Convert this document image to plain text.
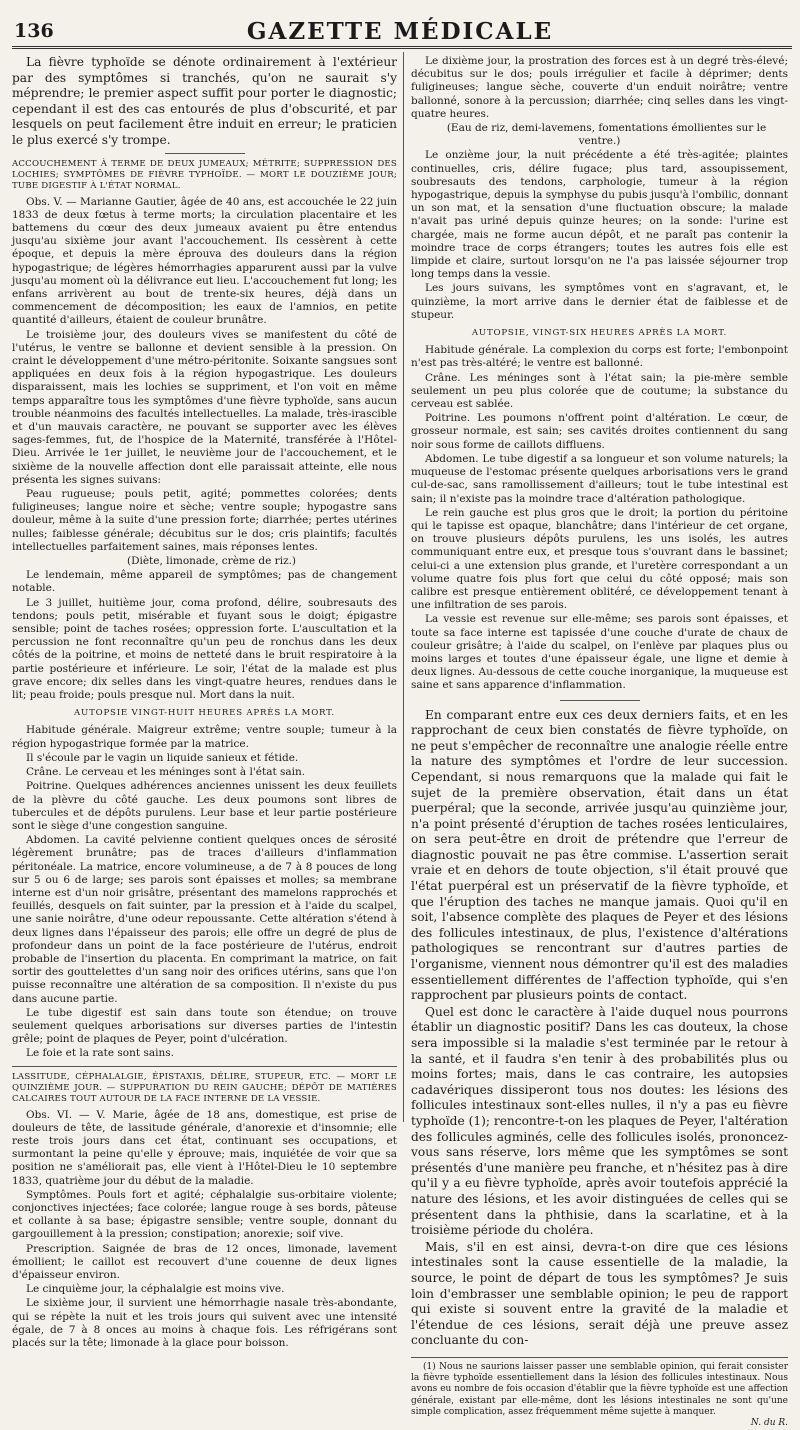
136	GAZETTE MÉDICALE

La fièvre typhoïde se dénote ordinairement à l'extérieur par des symptômes si tranchés, qu'on ne saurait s'y méprendre; le premier aspect suffit pour porter le diagnostic; cependant il est des cas entourés de plus d'obscurité, et par lesquels on peut facilement être induit en erreur; le praticien le plus exercé s'y trompe.

ACCOUCHEMENT À TERME DE DEUX JUMEAUX; MÉTRITE; SUPPRESSION DES LOCHIES; SYMPTÔMES DE FIÈVRE TYPHOÏDE. — MORT LE DOUZIÈME JOUR; TUBE DIGESTIF À L'ÉTAT NORMAL.

Obs. V. — Marianne Gautier, âgée de 40 ans, est accouchée le 22 juin 1833 de deux fœtus à terme morts; la circulation placentaire et les battemens du cœur des deux jumeaux avaient pu être entendus jusqu'au sixième jour avant l'accouchement. Ils cessèrent à cette époque, et depuis la mère éprouva des douleurs dans la région hypogastrique; de légères hémorrhagies apparurent aussi par la vulve jusqu'au moment où la délivrance eut lieu. L'accouchement fut long; les enfans arrivèrent au bout de trente-six heures, déjà dans un commencement de décomposition; les eaux de l'amnios, en petite quantité d'ailleurs, étaient de couleur brunâtre.

Le troisième jour, des douleurs vives se manifestent du côté de l'utérus, le ventre se ballonne et devient sensible à la pression. On craint le développement d'une métro-péritonite. Soixante sangsues sont appliquées en deux fois à la région hypogastrique. Les douleurs disparaissent, mais les lochies se suppriment, et l'on voit en même temps apparaître tous les symptômes d'une fièvre typhoïde, sans aucun trouble néanmoins des facultés intellectuelles. La malade, très-irascible et d'un mauvais caractère, ne pouvant se supporter avec les élèves sages-femmes, fut, de l'hospice de la Maternité, transférée à l'Hôtel-Dieu. Arrivée le 1er juillet, le neuvième jour de l'accouchement, et le sixième de la nouvelle affection dont elle paraissait atteinte, elle nous présenta les signes suivans:

Peau rugueuse; pouls petit, agité; pommettes colorées; dents fuligineuses; langue noire et sèche; ventre souple; hypogastre sans douleur, même à la suite d'une pression forte; diarrhée; pertes utérines nulles; faiblesse générale; décubitus sur le dos; cris plaintifs; facultés intellectuelles parfaitement saines, mais réponses lentes.

(Diète, limonade, crème de riz.)

Le lendemain, même appareil de symptômes; pas de changement notable.

Le 3 juillet, huitième jour, coma profond, délire, soubresauts des tendons; pouls petit, misérable et fuyant sous le doigt; épigastre sensible; point de taches rosées; oppression forte. L'auscultation et la percussion ne font reconnaître qu'un peu de ronchus dans les deux côtés de la poitrine, et moins de netteté dans le bruit respiratoire à la partie postérieure et inférieure. Le soir, l'état de la malade est plus grave encore; dix selles dans les vingt-quatre heures, rendues dans le lit; peau froide; pouls presque nul. Mort dans la nuit.

AUTOPSIE VINGT-HUIT HEURES APRÈS LA MORT.

Habitude générale. Maigreur extrême; ventre souple; tumeur à la région hypogastrique formée par la matrice.

Il s'écoule par le vagin un liquide sanieux et fétide.

Crâne. Le cerveau et les méninges sont à l'état sain.

Poitrine. Quelques adhérences anciennes unissent les deux feuillets de la plèvre du côté gauche. Les deux poumons sont libres de tubercules et de dépôts purulens. Leur base et leur partie postérieure sont le siège d'une congestion sanguine.

Abdomen. La cavité pelvienne contient quelques onces de sérosité légèrement brunâtre; pas de traces d'ailleurs d'inflammation péritonéale. La matrice, encore volumineuse, a de 7 à 8 pouces de long sur 5 ou 6 de large; ses parois sont épaisses et molles; sa membrane interne est d'un noir grisâtre, présentant des mamelons rapprochés et feuillés, desquels on fait suinter, par la pression et à l'aide du scalpel, une sanie noirâtre, d'une odeur repoussante. Cette altération s'étend à deux lignes dans l'épaisseur des parois; elle offre un degré de plus de profondeur dans un point de la face postérieure de l'utérus, endroit probable de l'insertion du placenta. En comprimant la matrice, on fait sortir des gouttelettes d'un sang noir des orifices utérins, sans que l'on puisse reconnaître une altération de sa composition. Il n'existe du pus dans aucune partie.

Le tube digestif est sain dans toute son étendue; on trouve seulement quelques arborisations sur diverses parties de l'intestin grêle; point de plaques de Peyer, point d'ulcération.

Le foie et la rate sont sains.

LASSITUDE, CÉPHALALGIE, ÉPISTAXIS, DÉLIRE, STUPEUR, ETC. — MORT LE QUINZIÈME JOUR. — SUPPURATION DU REIN GAUCHE; DÉPÔT DE MATIÈRES CALCAIRES TOUT AUTOUR DE LA FACE INTERNE DE LA VESSIE.

Obs. VI. — V. Marie, âgée de 18 ans, domestique, est prise de douleurs de tête, de lassitude générale, d'anorexie et d'insomnie; elle reste trois jours dans cet état, continuant ses occupations, et surmontant la peine qu'elle y éprouve; mais, inquiétée de voir que sa position ne s'améliorait pas, elle vient à l'Hôtel-Dieu le 10 septembre 1833, quatrième jour du début de la maladie.

Symptômes. Pouls fort et agité; céphalalgie sus-orbitaire violente; conjonctives injectées; face colorée; langue rouge à ses bords, pâteuse et collante à sa base; épigastre sensible; ventre souple, donnant du gargouillement à la pression; constipation; anorexie; soif vive.

Prescription. Saignée de bras de 12 onces, limonade, lavement émollient; le caillot est recouvert d'une couenne de deux lignes d'épaisseur environ.

Le cinquième jour, la céphalalgie est moins vive.

Le sixième jour, il survient une hémorrhagie nasale très-abondante, qui se répète la nuit et les trois jours qui suivent avec une intensité égale, de 7 à 8 onces au moins à chaque fois. Les réfrigérans sont placés sur la tête; limonade à la glace pour boisson.

Le dixième jour, la prostration des forces est à un degré très-élevé; décubitus sur le dos; pouls irrégulier et facile à déprimer; dents fuligineuses; langue sèche, couverte d'un enduit noirâtre; ventre ballonné, sonore à la percussion; diarrhée; cinq selles dans les vingt-quatre heures.

(Eau de riz, demi-lavemens, fomentations émollientes sur le ventre.)

Le onzième jour, la nuit précédente a été très-agitée; plaintes continuelles, cris, délire fugace; plus tard, assoupissement, soubresauts des tendons, carphologie, tumeur à la région hypogastrique, depuis la symphyse du pubis jusqu'à l'ombilic, donnant un son mat, et la sensation d'une fluctuation obscure; la malade n'avait pas uriné depuis quinze heures; on la sonde: l'urine est chargée, mais ne forme aucun dépôt, et ne paraît pas contenir la moindre trace de corps étrangers; toutes les autres fois elle est limpide et claire, surtout lorsqu'on ne l'a pas laissée séjourner trop long temps dans la vessie.

Les jours suivans, les symptômes vont en s'agravant, et, le quinzième, la mort arrive dans le dernier état de faiblesse et de stupeur.

AUTOPSIE, VINGT-SIX HEURES APRÈS LA MORT.

Habitude générale. La complexion du corps est forte; l'embonpoint n'est pas très-altéré; le ventre est ballonné.

Crâne. Les méninges sont à l'état sain; la pie-mère semble seulement un peu plus colorée que de coutume; la substance du cerveau est sablée.

Poitrine. Les poumons n'offrent point d'altération. Le cœur, de grosseur normale, est sain; ses cavités droites contiennent du sang noir sous forme de caillots diffluens.

Abdomen. Le tube digestif a sa longueur et son volume naturels; la muqueuse de l'estomac présente quelques arborisations vers le grand cul-de-sac, sans ramollissement d'ailleurs; tout le tube intestinal est sain; il n'existe pas la moindre trace d'altération pathologique.

Le rein gauche est plus gros que le droit; la portion du péritoine qui le tapisse est opaque, blanchâtre; dans l'intérieur de cet organe, on trouve plusieurs dépôts purulens, les uns isolés, les autres communiquant entre eux, et presque tous s'ouvrant dans le bassinet; celui-ci a une extension plus grande, et l'uretère correspondant a un volume quatre fois plus fort que celui du côté opposé; mais son calibre est presque entièrement oblitéré, ce développement tenant à une infiltration de ses parois.

La vessie est revenue sur elle-même; ses parois sont épaisses, et toute sa face interne est tapissée d'une couche d'urate de chaux de couleur grisâtre; à l'aide du scalpel, on l'enlève par plaques plus ou moins larges et toutes d'une épaisseur égale, une ligne et demie à deux lignes. Au-dessous de cette couche inorganique, la muqueuse est saine et sans apparence d'inflammation.

En comparant entre eux ces deux derniers faits, et en les rapprochant de ceux bien constatés de fièvre typhoïde, on ne peut s'empêcher de reconnaître une analogie réelle entre la nature des symptômes et l'ordre de leur succession. Cependant, si nous remarquons que la malade qui fait le sujet de la première observation, était dans un état puerpéral; que la seconde, arrivée jusqu'au quinzième jour, n'a point présenté d'éruption de taches rosées lenticulaires, on sera peut-être en droit de prétendre que l'erreur de diagnostic pouvait ne pas être commise. L'assertion serait vraie et en dehors de toute objection, s'il était prouvé que l'état puerpéral est un préservatif de la fièvre typhoïde, et que l'éruption des taches ne manque jamais. Quoi qu'il en soit, l'absence complète des plaques de Peyer et des lésions des follicules intestinaux, de plus, l'existence d'altérations pathologiques se rencontrant sur d'autres parties de l'organisme, viennent nous démontrer qu'il est des maladies essentiellement différentes de l'affection typhoïde, qui s'en rapprochent par plusieurs points de contact.

Quel est donc le caractère à l'aide duquel nous pourrons établir un diagnostic positif? Dans les cas douteux, la chose sera impossible si la maladie s'est terminée par le retour à la santé, et il faudra s'en tenir à des probabilités plus ou moins fortes; mais, dans le cas contraire, les autopsies cadavériques dissiperont tous nos doutes: les lésions des follicules intestinaux sont-elles nulles, il n'y a pas eu fièvre typhoïde (1); rencontre-t-on les plaques de Peyer, l'altération des follicules agminés, celle des follicules isolés, prononcez-vous sans réserve, lors même que les symptômes se sont présentés d'une manière peu franche, et n'hésitez pas à dire qu'il y a eu fièvre typhoïde, après avoir toutefois apprécié la nature des lésions, et les avoir distinguées de celles qui se présentent dans la phthisie, dans la scarlatine, et à la troisième période du choléra.

Mais, s'il en est ainsi, devra-t-on dire que ces lésions intestinales sont la cause essentielle de la maladie, la source, le point de départ de tous les symptômes? Je suis loin d'embrasser une semblable opinion; le peu de rapport qui existe si souvent entre la gravité de la maladie et l'étendue de ces lésions, serait déjà une preuve assez concluante du con-

(1) Nous ne saurions laisser passer une semblable opinion, qui ferait consister la fièvre typhoïde essentiellement dans la lésion des follicules intestinaux. Nous avons eu nombre de fois occasion d'établir que la fièvre typhoïde est une affection générale, existant par elle-même, dont les lésions intestinales ne sont qu'une simple complication, assez fréquemment même sujette à manquer.
N. du R.
